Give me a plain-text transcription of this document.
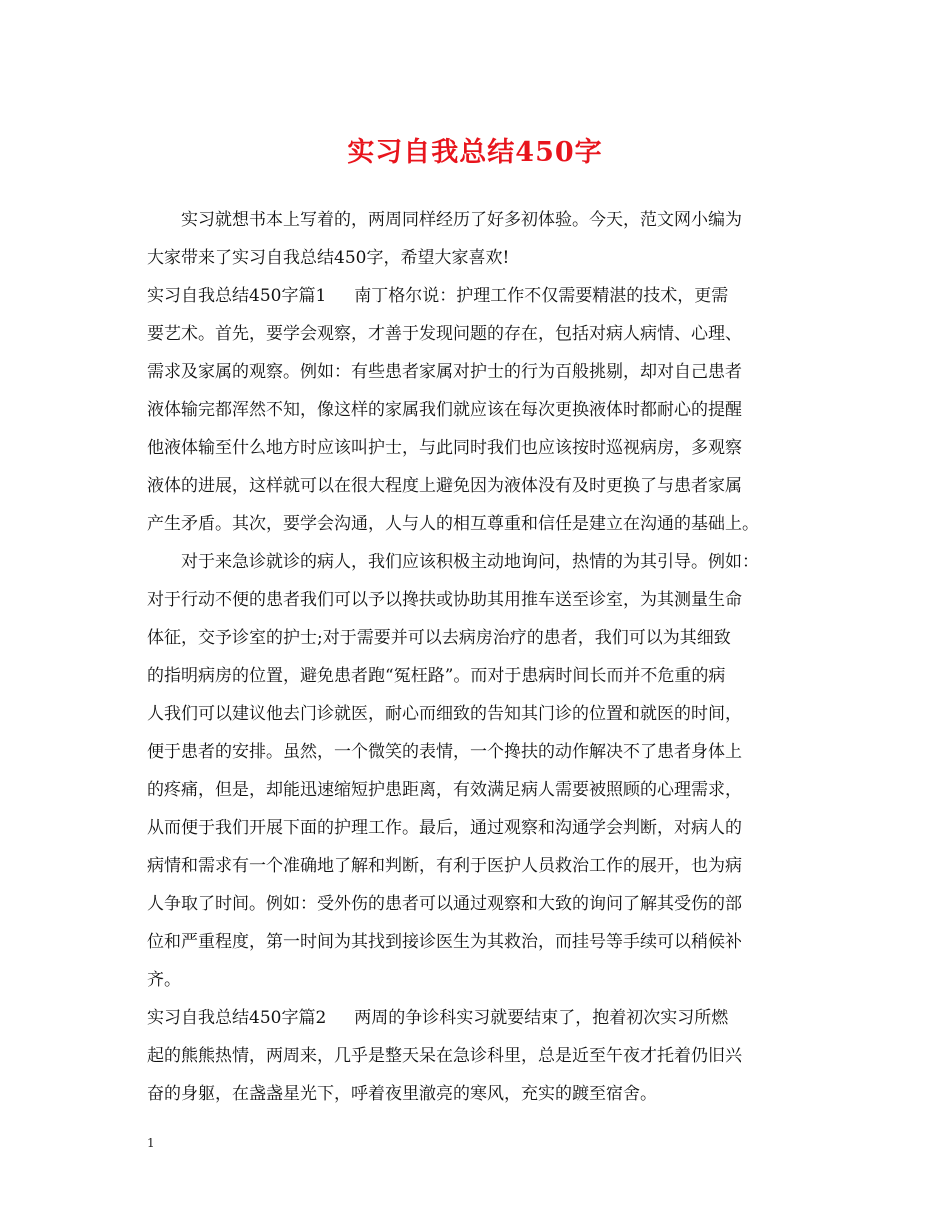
实习自我总结450字
实习就想书本上写着的，两周同样经历了好多初体验。今天，范文网小编为
大家带来了实习自我总结450字，希望大家喜欢!
实习自我总结450字篇1 南丁格尔说：护理工作不仅需要精湛的技术，更需
要艺术。首先，要学会观察，才善于发现问题的存在，包括对病人病情、心理、
需求及家属的观察。例如：有些患者家属对护士的行为百般挑剔，却对自己患者
液体输完都浑然不知，像这样的家属我们就应该在每次更换液体时都耐心的提醒
他液体输至什么地方时应该叫护士，与此同时我们也应该按时巡视病房，多观察
液体的进展，这样就可以在很大程度上避免因为液体没有及时更换了与患者家属
产生矛盾。其次，要学会沟通，人与人的相互尊重和信任是建立在沟通的基础上。
对于来急诊就诊的病人，我们应该积极主动地询问，热情的为其引导。例如：
对于行动不便的患者我们可以予以搀扶或协助其用推车送至诊室，为其测量生命
体征，交予诊室的护士;对于需要并可以去病房治疗的患者，我们可以为其细致
的指明病房的位置，避免患者跑“冤枉路”。而对于患病时间长而并不危重的病
人我们可以建议他去门诊就医，耐心而细致的告知其门诊的位置和就医的时间，
便于患者的安排。虽然，一个微笑的表情，一个搀扶的动作解决不了患者身体上
的疼痛，但是，却能迅速缩短护患距离，有效满足病人需要被照顾的心理需求，
从而便于我们开展下面的护理工作。最后，通过观察和沟通学会判断，对病人的
病情和需求有一个准确地了解和判断，有利于医护人员救治工作的展开，也为病
人争取了时间。例如：受外伤的患者可以通过观察和大致的询问了解其受伤的部
位和严重程度，第一时间为其找到接诊医生为其救治，而挂号等手续可以稍候补
齐。
实习自我总结450字篇2 两周的争诊科实习就要结束了，抱着初次实习所燃
起的熊熊热情，两周来，几乎是整天呆在急诊科里，总是近至午夜才托着仍旧兴
奋的身躯，在盏盏星光下，呼着夜里澈亮的寒风，充实的踱至宿舍。
1
